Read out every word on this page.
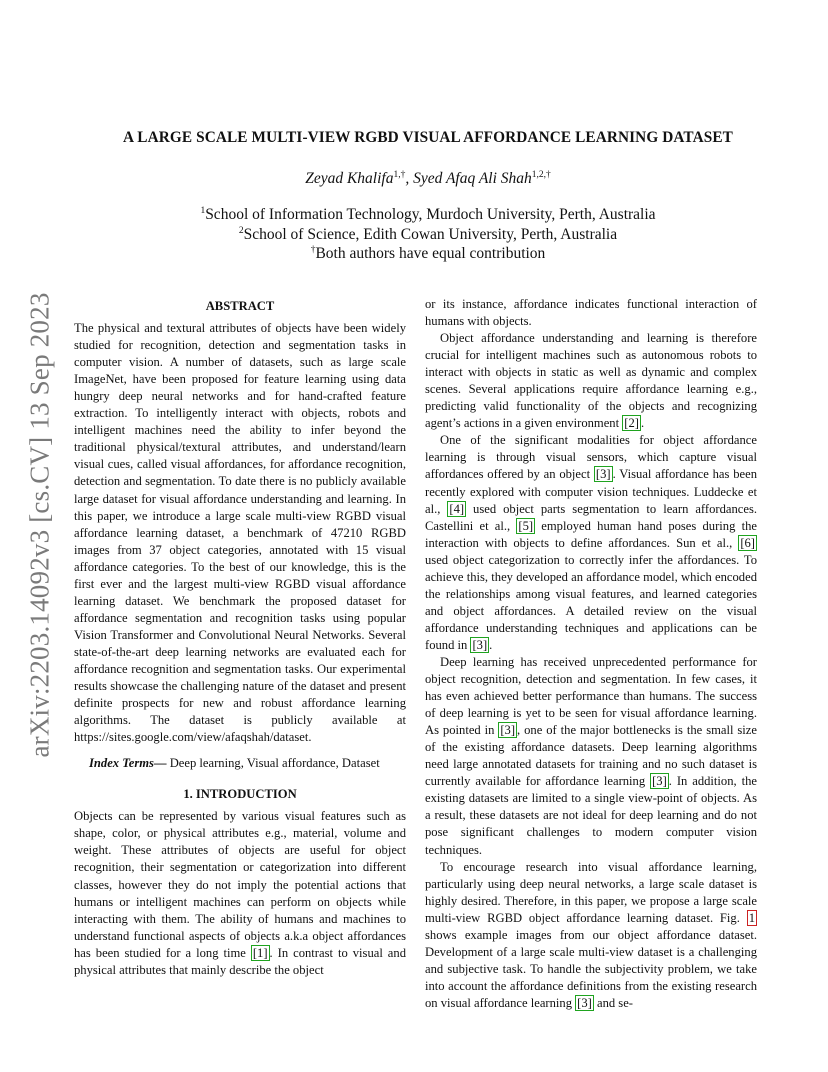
arXiv:2203.14092v3 [cs.CV] 13 Sep 2023
A LARGE SCALE MULTI-VIEW RGBD VISUAL AFFORDANCE LEARNING DATASET
Zeyad Khalifa$^{1,\dagger}$, Syed Afaq Ali Shah$^{1,2,\dagger}$
$^1$School of Information Technology, Murdoch University, Perth, Australia
$^2$School of Science, Edith Cowan University, Perth, Australia
†Both authors have equal contribution
ABSTRACT

The physical and textural attributes of objects have been widely studied for recognition, detection and segmentation tasks in computer vision. A number of datasets, such as large scale ImageNet, have been proposed for feature learning using data hungry deep neural networks and for hand-crafted feature extraction. To intelligently interact with objects, robots and intelligent machines need the ability to infer beyond the traditional physical/textural attributes, and understand/learn visual cues, called visual affordances, for affordance recognition, detection and segmentation. To date there is no publicly available large dataset for visual affordance understanding and learning. In this paper, we introduce a large scale multi-view RGBD visual affordance learning dataset, a benchmark of 47210 RGBD images from 37 object categories, annotated with 15 visual affordance categories. To the best of our knowledge, this is the first ever and the largest multi-view RGBD visual affordance learning dataset. We benchmark the proposed dataset for affordance segmentation and recognition tasks using popular Vision Transformer and Convolutional Neural Networks. Several state-of-the-art deep learning networks are evaluated each for affordance recognition and segmentation tasks. Our experimental results showcase the challenging nature of the dataset and present definite prospects for new and robust affordance learning algorithms. The dataset is publicly available at https://sites.google.com/view/afaqshah/dataset.

Index Terms— Deep learning, Visual affordance, Dataset

1. INTRODUCTION

Objects can be represented by various visual features such as shape, color, or physical attributes e.g., material, volume and weight. These attributes of objects are useful for object recognition, their segmentation or categorization into different classes, however they do not imply the potential actions that humans or intelligent machines can perform on objects while interacting with them. The ability of humans and machines to understand functional aspects of objects a.k.a object affordances has been studied for a long time [1] . In contrast to visual and physical attributes that mainly describe the object

or its instance, affordance indicates functional interaction of humans with objects.

Object affordance understanding and learning is therefore crucial for intelligent machines such as autonomous robots to interact with objects in static as well as dynamic and complex scenes. Several applications require affordance learning e.g., predicting valid functionality of the objects and recognizing agent’s actions in a given environment [2] .

One of the significant modalities for object affordance learning is through visual sensors, which capture visual affordances offered by an object [3] . Visual affordance has been recently explored with computer vision techniques. Luddecke et al., [4] used object parts segmentation to learn affordances. Castellini et al., [5] employed human hand poses during the interaction with objects to define affordances. Sun et al., [6] used object categorization to correctly infer the affordances. To achieve this, they developed an affordance model, which encoded the relationships among visual features, and learned categories and object affordances. A detailed review on the visual affordance understanding techniques and applications can be found in [3] .

Deep learning has received unprecedented performance for object recognition, detection and segmentation. In few cases, it has even achieved better performance than humans. The success of deep learning is yet to be seen for visual affordance learning. As pointed in [3] , one of the major bottlenecks is the small size of the existing affordance datasets. Deep learning algorithms need large annotated datasets for training and no such dataset is currently available for affordance learning [3] . In addition, the existing datasets are limited to a single view-point of objects. As a result, these datasets are not ideal for deep learning and do not pose significant challenges to modern computer vision techniques.

To encourage research into visual affordance learning, particularly using deep neural networks, a large scale dataset is highly desired. Therefore, in this paper, we propose a large scale multi-view RGBD object affordance learning dataset. Fig. 1 shows example images from our object affordance dataset. Development of a large scale multi-view dataset is a challenging and subjective task. To handle the subjectivity problem, we take into account the affordance definitions from the existing research on visual affordance learning [3] and se-
